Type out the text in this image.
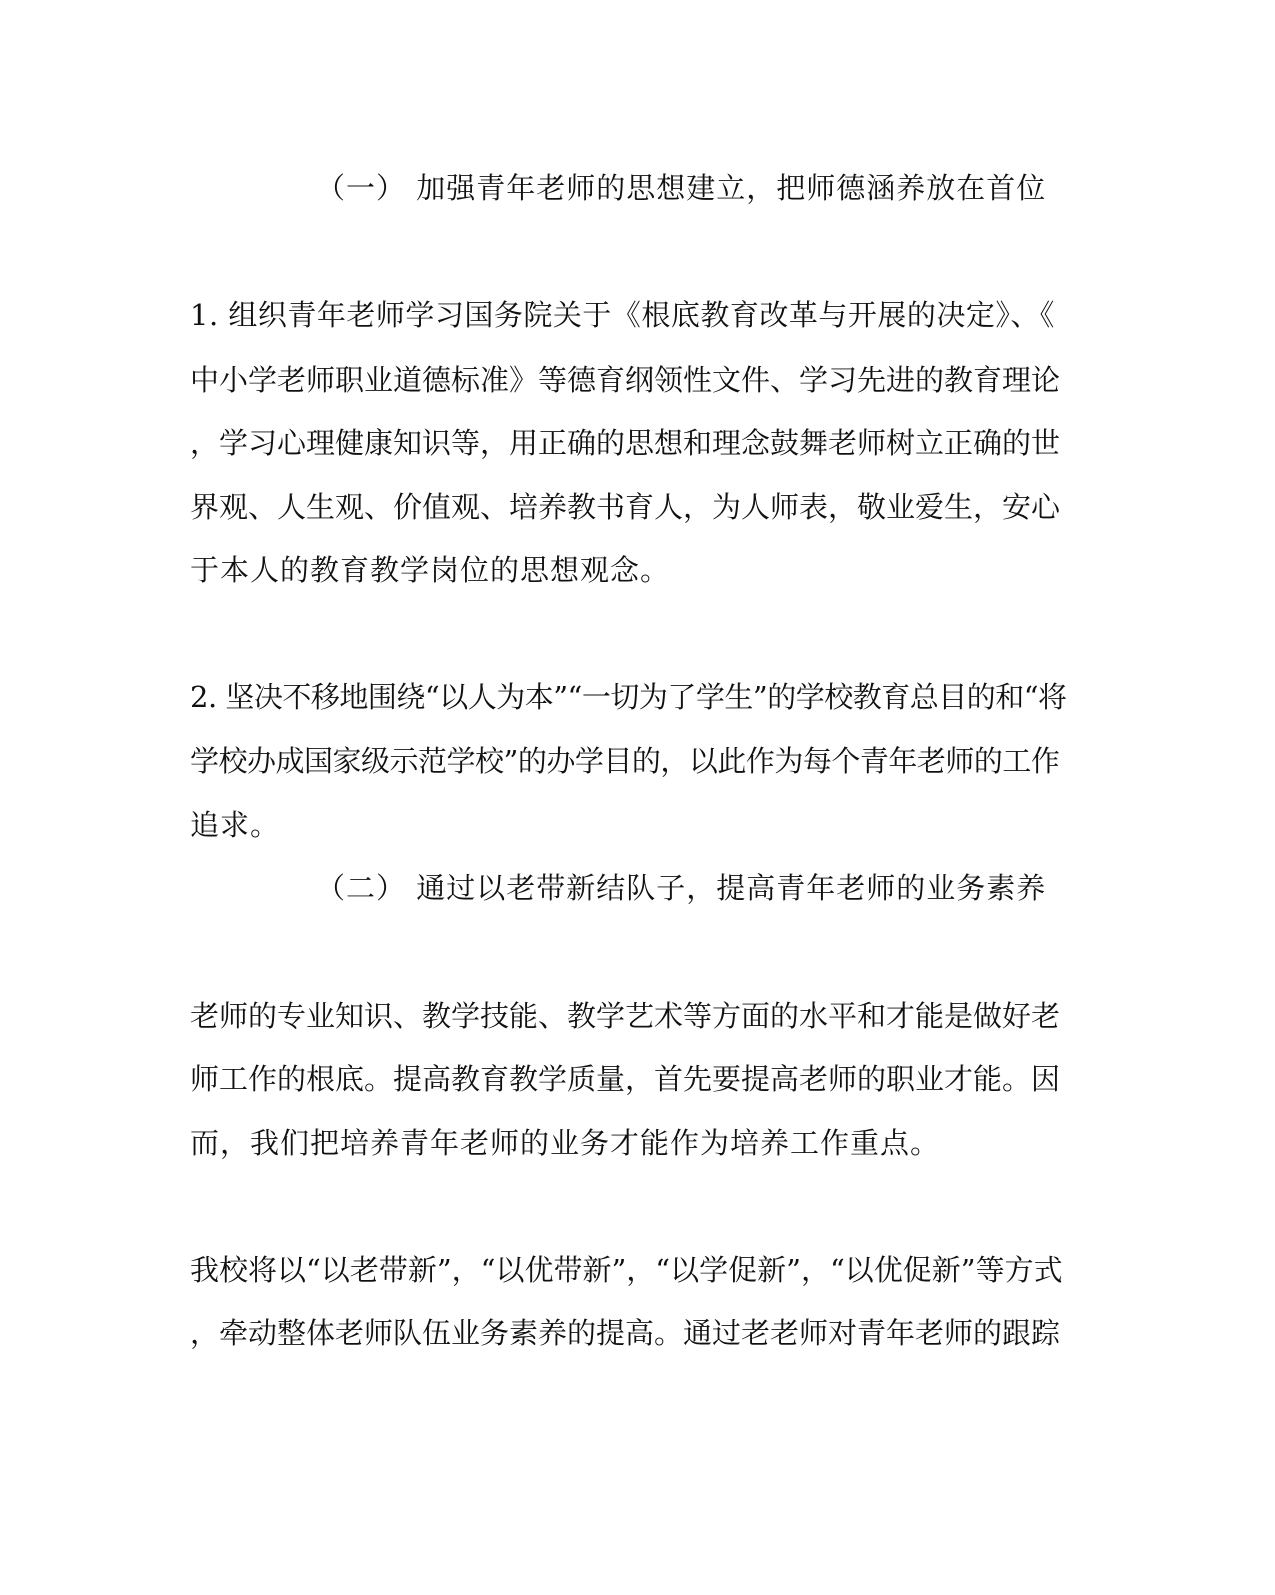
（一） 加强青年老师的思想建立，把师德涵养放在首位
1. 组织青年老师学习国务院关于《根底教育改革与开展的决定》、《
中小学老师职业道德标准》等德育纲领性文件、学习先进的教育理论
，学习心理健康知识等，用正确的思想和理念鼓舞老师树立正确的世
界观、人生观、价值观、培养教书育人，为人师表，敬业爱生，安心
于本人的教育教学岗位的思想观念。
2. 坚决不移地围绕“以人为本”“一切为了学生”的学校教育总目的和“将
学校办成国家级示范学校”的办学目的，以此作为每个青年老师的工作
追求。
（二） 通过以老带新结队子，提高青年老师的业务素养
老师的专业知识、教学技能、教学艺术等方面的水平和才能是做好老
师工作的根底。提高教育教学质量，首先要提高老师的职业才能。因
而，我们把培养青年老师的业务才能作为培养工作重点。
我校将以“以老带新”，“以优带新”，“以学促新”，“以优促新”等方式
，牵动整体老师队伍业务素养的提高。通过老老师对青年老师的跟踪
